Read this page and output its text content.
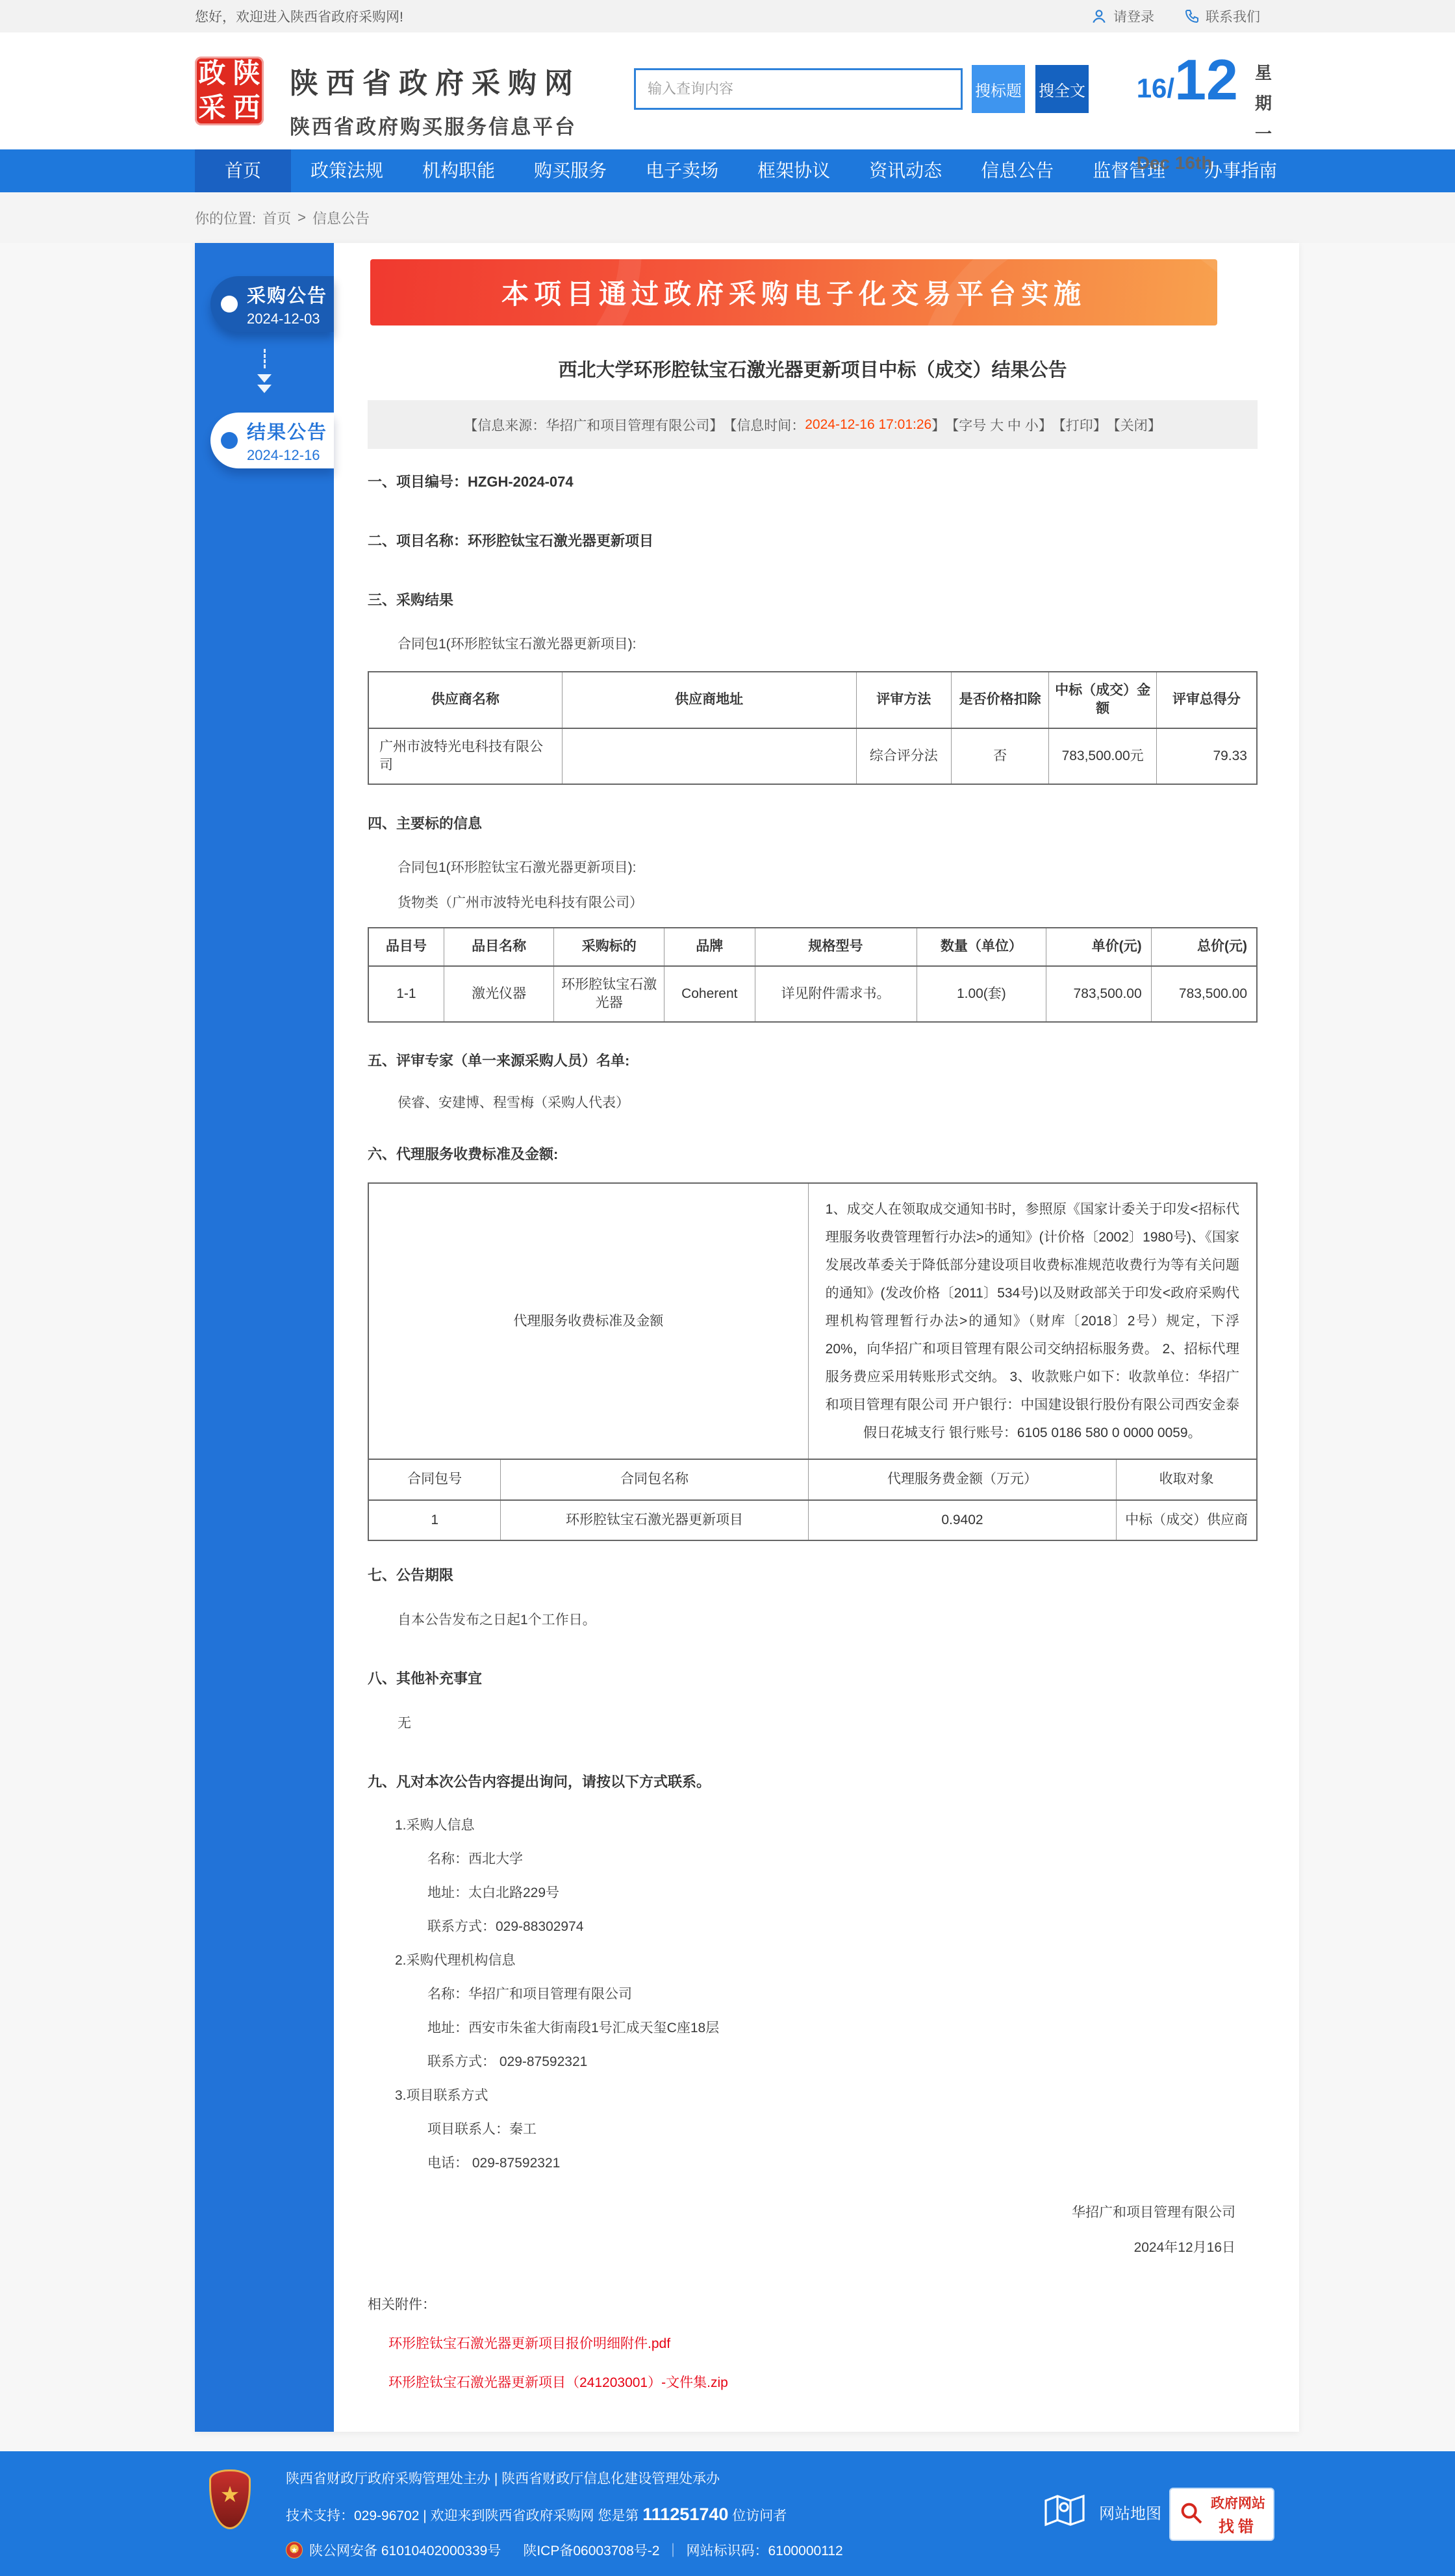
您好，欢迎进入陕西省政府采购网!	请登录	联系我们
政 陕
采 西
陕西省政府采购网
陕西省政府购买服务信息平台
输入查询内容
搜标题 搜全文 16/ 12 星
期
一
Dec 16th
首页	政策法规	机构职能	购买服务	电子卖场	框架协议	资讯动态	信息公告	监督管理	办事指南
你的位置: 首页 > 信息公告
采购公告
2024-12-03
结果公告
2024-12-16
本项目通过政府采购电子化交易平台实施
西北大学环形腔钛宝石激光器更新项目中标（成交）结果公告
【信息来源：华招广和项目管理有限公司】 【信息时间： 2024-12-16 17:01:26 】 【字号 大 中 小】 【打印】 【关闭】
一、项目编号：HZGH-2024-074
二、项目名称：环形腔钛宝石激光器更新项目
三、采购结果
合同包1(环形腔钛宝石激光器更新项目):
供应商名称	供应商地址	评审方法	是否价格扣除	中标（成交）金额	评审总得分
广州市波特光电科技有限公司		综合评分法	否	783,500.00元	79.33
四、主要标的信息
合同包1(环形腔钛宝石激光器更新项目):
货物类（广州市波特光电科技有限公司）
品目号	品目名称	采购标的	品牌	规格型号	数量（单位）	单价(元)	总价(元)
1-1	激光仪器	环形腔钛宝石激光器	Coherent	详见附件需求书。	1.00(套)	783,500.00	783,500.00
五、评审专家（单一来源采购人员）名单:
侯睿、安建博、程雪梅（采购人代表）
六、代理服务收费标准及金额:
代理服务收费标准及金额		1、成交人在领取成交通知书时，参照原《国家计委关于印发<招标代理服务收费管理暂行办法>的通知》(计价格〔2002〕1980号)、《国家发展改革委关于降低部分建设项目收费标准规范收费行为等有关问题的通知》(发改价格〔2011〕534号)以及财政部关于印发<政府采购代理机构管理暂行办法>的通知》（财库〔2018〕2号）规定，下浮20%，向华招广和项目管理有限公司交纳招标服务费。 2、招标代理服务费应采用转账形式交纳。 3、收款账户如下：收款单位：华招广和项目管理有限公司 开户银行：中国建设银行股份有限公司西安金泰假日花城支行 银行账号：6105 0186 580 0 0000 0059。	
合同包号	合同包名称	代理服务费金额（万元）	收取对象
1	环形腔钛宝石激光器更新项目	0.9402	中标（成交）供应商
七、公告期限
自本公告发布之日起1个工作日。
八、其他补充事宜
无
九、凡对本次公告内容提出询问，请按以下方式联系。
1.采购人信息
名称：西北大学
地址：太白北路229号
联系方式：029-88302974
2.采购代理机构信息
名称：华招广和项目管理有限公司
地址：西安市朱雀大街南段1号汇成天玺C座18层
联系方式： 029-87592321
3.项目联系方式
项目联系人：秦工
电话： 029-87592321
华招广和项目管理有限公司
2024年12月16日
相关附件：
环形腔钛宝石激光器更新项目报价明细附件.pdf
环形腔钛宝石激光器更新项目（241203001）-文件集.zip
★
陕西省财政厅政府采购管理处主办 | 陕西省财政厅信息化建设管理处承办
技术支持：029-96702 | 欢迎来到陕西省政府采购网 您是第 111251740 位访问者
★ 陕公网安备 61010402000339号 陕ICP备06003708号-2 ｜ 网站标识码：6100000112
网站地图
政府网站
找错
